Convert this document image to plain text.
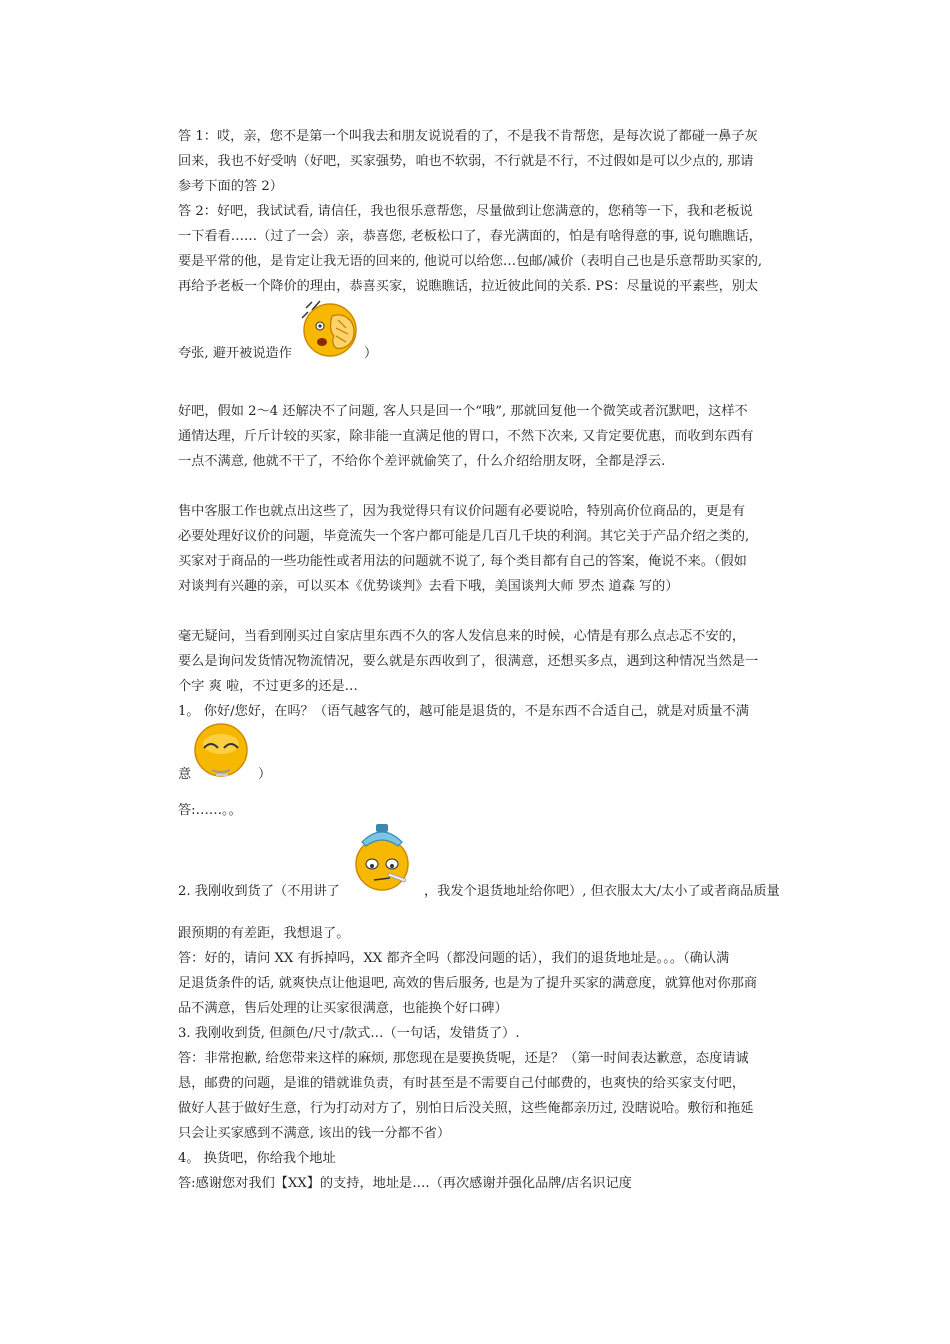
答 1：哎，亲，您不是第一个叫我去和朋友说说看的了，不是我不肯帮您，是每次说了都碰一鼻子灰
回来，我也不好受呐（好吧，买家强势，咱也不软弱，不行就是不行，不过假如是可以少点的, 那请
参考下面的答 2）
答 2：好吧，我试试看, 请信任，我也很乐意帮您，尽量做到让您满意的，您稍等一下，我和老板说
一下看看……（过了一会）亲，恭喜您, 老板松口了，春光满面的，怕是有啥得意的事, 说句瞧瞧话，
要是平常的他，是肯定让我无语的回来的, 他说可以给您…包邮/减价（表明自己也是乐意帮助买家的,
再给予老板一个降价的理由，恭喜买家，说瞧瞧话，拉近彼此间的关系. PS：尽量说的平素些，别太
夸张, 避开被说造作	）
好吧，假如 2～4 还解决不了问题, 客人只是回一个“哦”, 那就回复他一个微笑或者沉默吧，这样不
通情达理，斤斤计较的买家，除非能一直满足他的胃口，不然下次来, 又肯定要优惠，而收到东西有
一点不满意, 他就不干了，不给你个差评就偷笑了，什么介绍给朋友呀，全都是浮云.
售中客服工作也就点出这些了，因为我觉得只有议价问题有必要说哈，特别高价位商品的，更是有
必要处理好议价的问题，毕竟流失一个客户都可能是几百几千块的利润。其它关于产品介绍之类的,
买家对于商品的一些功能性或者用法的问题就不说了, 每个类目都有自己的答案，俺说不来。（假如
对谈判有兴趣的亲，可以买本《优势谈判》去看下哦，美国谈判大师 罗杰 道森 写的）
毫无疑问，当看到刚买过自家店里东西不久的客人发信息来的时候，心情是有那么点忐忑不安的，
要么是询问发货情况物流情况，要么就是东西收到了，很满意，还想买多点，遇到这种情况当然是一
个字 爽 啦，不过更多的还是…
1。 你好/您好，在吗？（语气越客气的，越可能是退货的，不是东西不合适自己，就是对质量不满
意	）
答:……。。
2. 我刚收到货了（不用讲了	，我发个退货地址给你吧）, 但衣服太大/太小了或者商品质量
跟预期的有差距，我想退了。
答：好的，请问 XX 有拆掉吗，XX 都齐全吗（都没问题的话），我们的退货地址是。。。（确认满
足退货条件的话, 就爽快点让他退吧, 高效的售后服务, 也是为了提升买家的满意度，就算他对你那商
品不满意，售后处理的让买家很满意，也能换个好口碑）
3. 我刚收到货, 但颜色/尺寸/款式…（一句话，发错货了）.
答：非常抱歉, 给您带来这样的麻烦, 那您现在是要换货呢，还是？（第一时间表达歉意，态度请诚
恳，邮费的问题，是谁的错就谁负责，有时甚至是不需要自己付邮费的，也爽快的给买家支付吧，
做好人甚于做好生意，行为打动对方了，别怕日后没关照，这些俺都亲历过, 没瞎说哈。敷衍和拖延
只会让买家感到不满意, 该出的钱一分都不省）
4。 换货吧，你给我个地址
答:感谢您对我们【XX】的支持，地址是….（再次感谢并强化品牌/店名识记度
